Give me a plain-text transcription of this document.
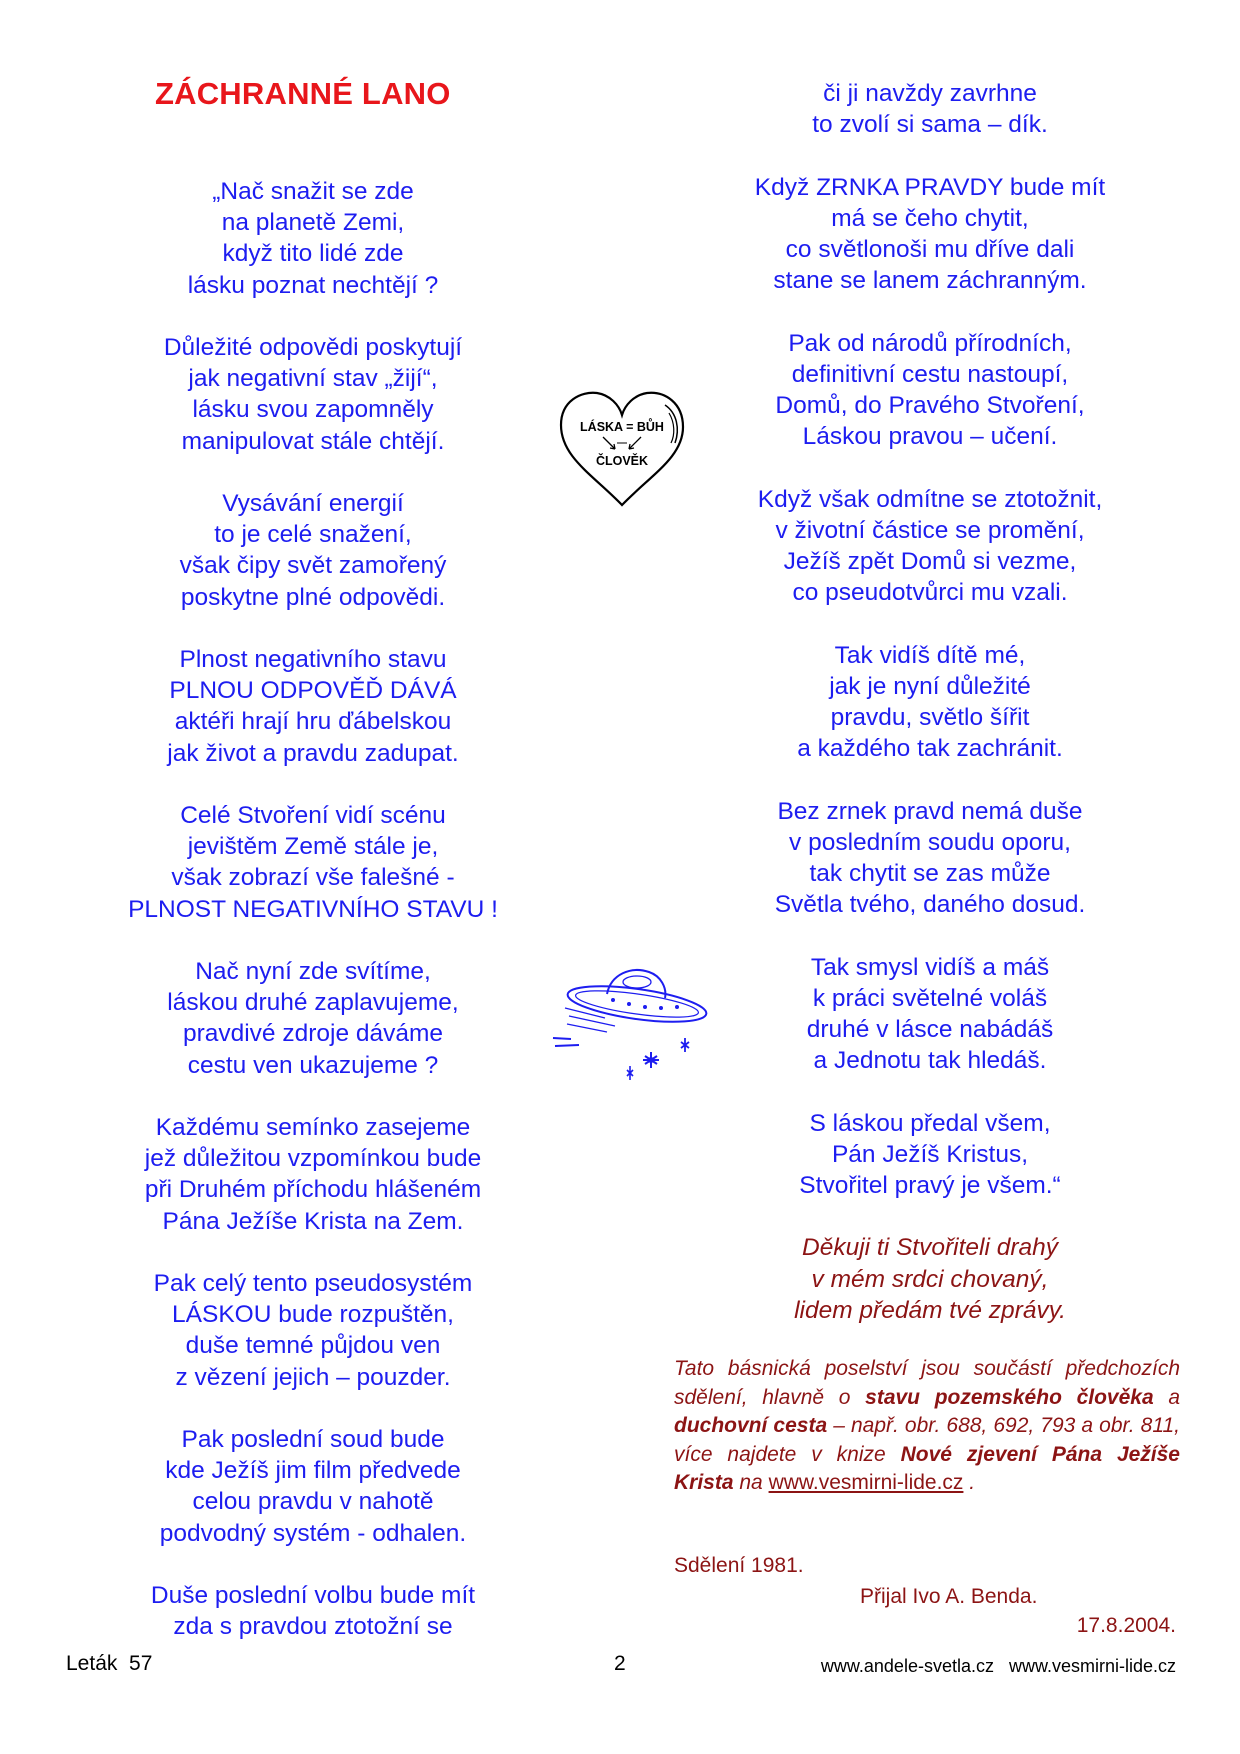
ZÁCHRANNÉ LANO

„Nač snažit se zde
na planetě Zemi,
když tito lidé zde
lásku poznat nechtějí ?

Důležité odpovědi poskytují
jak negativní stav „žijí“,
lásku svou zapomněly
manipulovat stále chtějí.

Vysávání energií
to je celé snažení,
však čipy svět zamořený
poskytne plné odpovědi.

Plnost negativního stavu
PLNOU ODPOVĚĎ DÁVÁ
aktéři hrají hru ďábelskou
jak život a pravdu zadupat.

Celé Stvoření vidí scénu
jevištěm Země stále je,
však zobrazí vše falešné -
PLNOST NEGATIVNÍHO STAVU !

Nač nyní zde svítíme,
láskou druhé zaplavujeme,
pravdivé zdroje dáváme
cestu ven ukazujeme ?

Každému semínko zasejeme
jež důležitou vzpomínkou bude
při Druhém příchodu hlášeném
Pána Ježíše Krista na Zem.

Pak celý tento pseudosystém
LÁSKOU bude rozpuštěn,
duše temné půjdou ven
z vězení jejich – pouzder.

Pak poslední soud bude
kde Ježíš jim film předvede
celou pravdu v nahotě
podvodný systém - odhalen.

Duše poslední volbu bude mít
zda s pravdou ztotožní se

či ji navždy zavrhne
to zvolí si sama – dík.

Když ZRNKA PRAVDY bude mít
má se čeho chytit,
co světlonoši mu dříve dali
stane se lanem záchranným.

Pak od národů přírodních,
definitivní cestu nastoupí,
Domů, do Pravého Stvoření,
Láskou pravou – učení.

Když však odmítne se ztotožnit,
v životní částice se promění,
Ježíš zpět Domů si vezme,
co pseudotvůrci mu vzali.

Tak vidíš dítě mé,
jak je nyní důležité
pravdu, světlo šířit
a každého tak zachránit.

Bez zrnek pravd nemá duše
v posledním soudu oporu,
tak chytit se zas může
Světla tvého, daného dosud.

Tak smysl vidíš a máš
k práci světelné voláš
druhé v lásce nabádáš
a Jednotu tak hledáš.

S láskou předal všem,
Pán Ježíš Kristus,
Stvořitel pravý je všem.“

Děkuji ti Stvořiteli drahý
v mém srdci chovaný,
lidem předám tvé zprávy.

LÁSKA = BŮH
ČLOVĚK

Tato básnická poselství jsou součástí předchozích sdělení, hlavně o stavu pozemského člověka a duchovní cesta – např. obr. 688, 692, 793 a obr. 811, více najdete v knize Nové zjevení Pána Ježíše Krista na www.vesmirni-lide.cz .

Sdělení 1981.
Přijal Ivo A. Benda.
17.8.2004.
Leták  57	2	www.andele-svetla.cz   www.vesmirni-lide.cz
